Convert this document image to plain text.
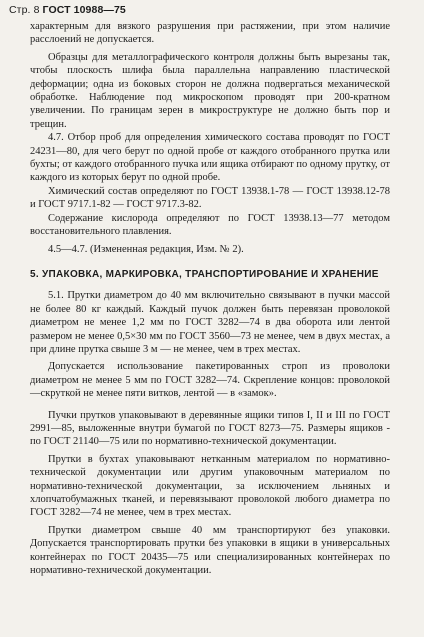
Стр. 8 ГОСТ 10988—75

характерным для вязкого разрушения при растяжении, при этом наличие расслоений не допускается.

Образцы для металлографического контроля должны быть вырезаны так, чтобы плоскость шлифа была параллельна направлению пластической деформации; одна из боковых сторон не должна подвергаться механической обработке. Наблюдение под микроскопом проводят при 200-кратном увеличении. По границам зерен в микроструктуре не должно быть пор и трещин.

4.7. Отбор проб для определения химического состава проводят по ГОСТ 24231—80, для чего берут по одной пробе от каждого отобранного прутка или бухты; от каждого отобранного пучка или ящика отбирают по одному прутку, от каждого из которых берут по одной пробе.

Химический состав определяют по ГОСТ 13938.1-78 — ГОСТ 13938.12-78 и ГОСТ 9717.1-82 — ГОСТ 9717.3-82.

Содержание кислорода определяют по ГОСТ 13938.13—77 методом восстановительного плавления.

4.5—4.7. (Измененная редакция, Изм. № 2).

5. УПАКОВКА, МАРКИРОВКА, ТРАНСПОРТИРОВАНИЕ И ХРАНЕНИЕ

5.1. Прутки диаметром до 40 мм включительно связывают в пучки массой не более 80 кг каждый. Каждый пучок должен быть перевязан проволокой диаметром не менее 1,2 мм по ГОСТ 3282—74 в два оборота или лентой размером не менее 0,5×30 мм по ГОСТ 3560—73 не менее, чем в двух местах, а при длине прутка свыше 3 м — не менее, чем в трех местах.

Допускается использование пакетированных строп из проволоки диаметром не менее 5 мм по ГОСТ 3282—74. Скрепление концов: проволокой—скруткой не менее пяти витков, лентой — в «замок».

Пучки прутков упаковывают в деревянные ящики типов I, II и III по ГОСТ 2991—85, выложенные внутри бумагой по ГОСТ 8273—75. Размеры ящиков - по ГОСТ 21140—75 или по нормативно-технической документации.

Прутки в бухтах упаковывают нетканным материалом по нормативно-технической документации или другим упаковочным материалом по нормативно-технической документации, за исключением льняных и хлопчатобумажных тканей, и перевязывают проволокой любого диаметра по ГОСТ 3282—74 не менее, чем в трех местах.

Прутки диаметром свыше 40 мм транспортируют без упаковки. Допускается транспортировать прутки без упаковки в ящики в универсальных контейнерах по ГОСТ 20435—75 или специализированных контейнерах по нормативно-технической документации.
